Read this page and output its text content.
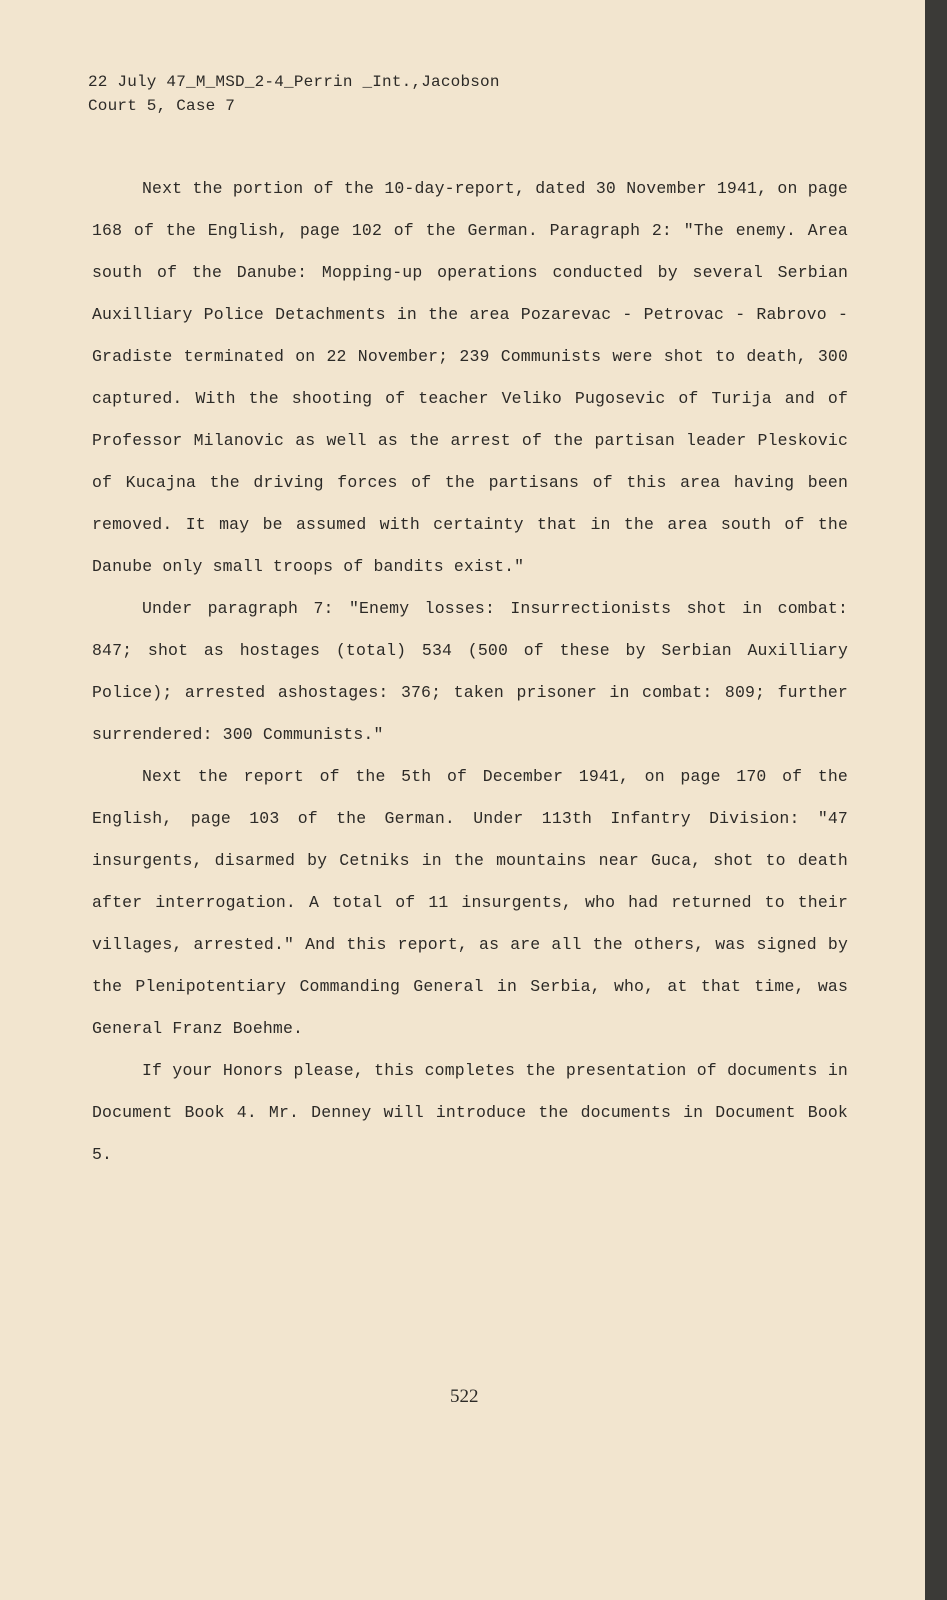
22 July 47_M_MSD_2-4_Perrin _Int.,Jacobson
Court 5, Case 7

Next the portion of the 10-day-report, dated 30 November 1941, on page 168 of the English, page 102 of the German. Paragraph 2: "The enemy. Area south of the Danube: Mopping-up operations conducted by several Serbian Auxilliary Police Detachments in the area Pozarevac - Petrovac - Rabrovo - Gradiste terminated on 22 November; 239 Communists were shot to death, 300 captured. With the shooting of teacher Veliko Pugosevic of Turija and of Professor Milanovic as well as the arrest of the partisan leader Pleskovic of Kucajna the driving forces of the partisans of this area having been removed. It may be assumed with certainty that in the area south of the Danube only small troops of bandits exist."

Under paragraph 7: "Enemy losses: Insurrectionists shot in combat: 847; shot as hostages (total) 534 (500 of these by Serbian Auxilliary Police); arrested ashostages: 376; taken prisoner in combat: 809; further surrendered: 300 Communists."

Next the report of the 5th of December 1941, on page 170 of the English, page 103 of the German. Under 113th Infantry Division: "47 insurgents, disarmed by Cetniks in the mountains near Guca, shot to death after interrogation. A total of 11 insurgents, who had returned to their villages, arrested." And this report, as are all the others, was signed by the Plenipotentiary Commanding General in Serbia, who, at that time, was General Franz Boehme.

If your Honors please, this completes the presentation of documents in Document Book 4. Mr. Denney will introduce the documents in Document Book 5.

522
